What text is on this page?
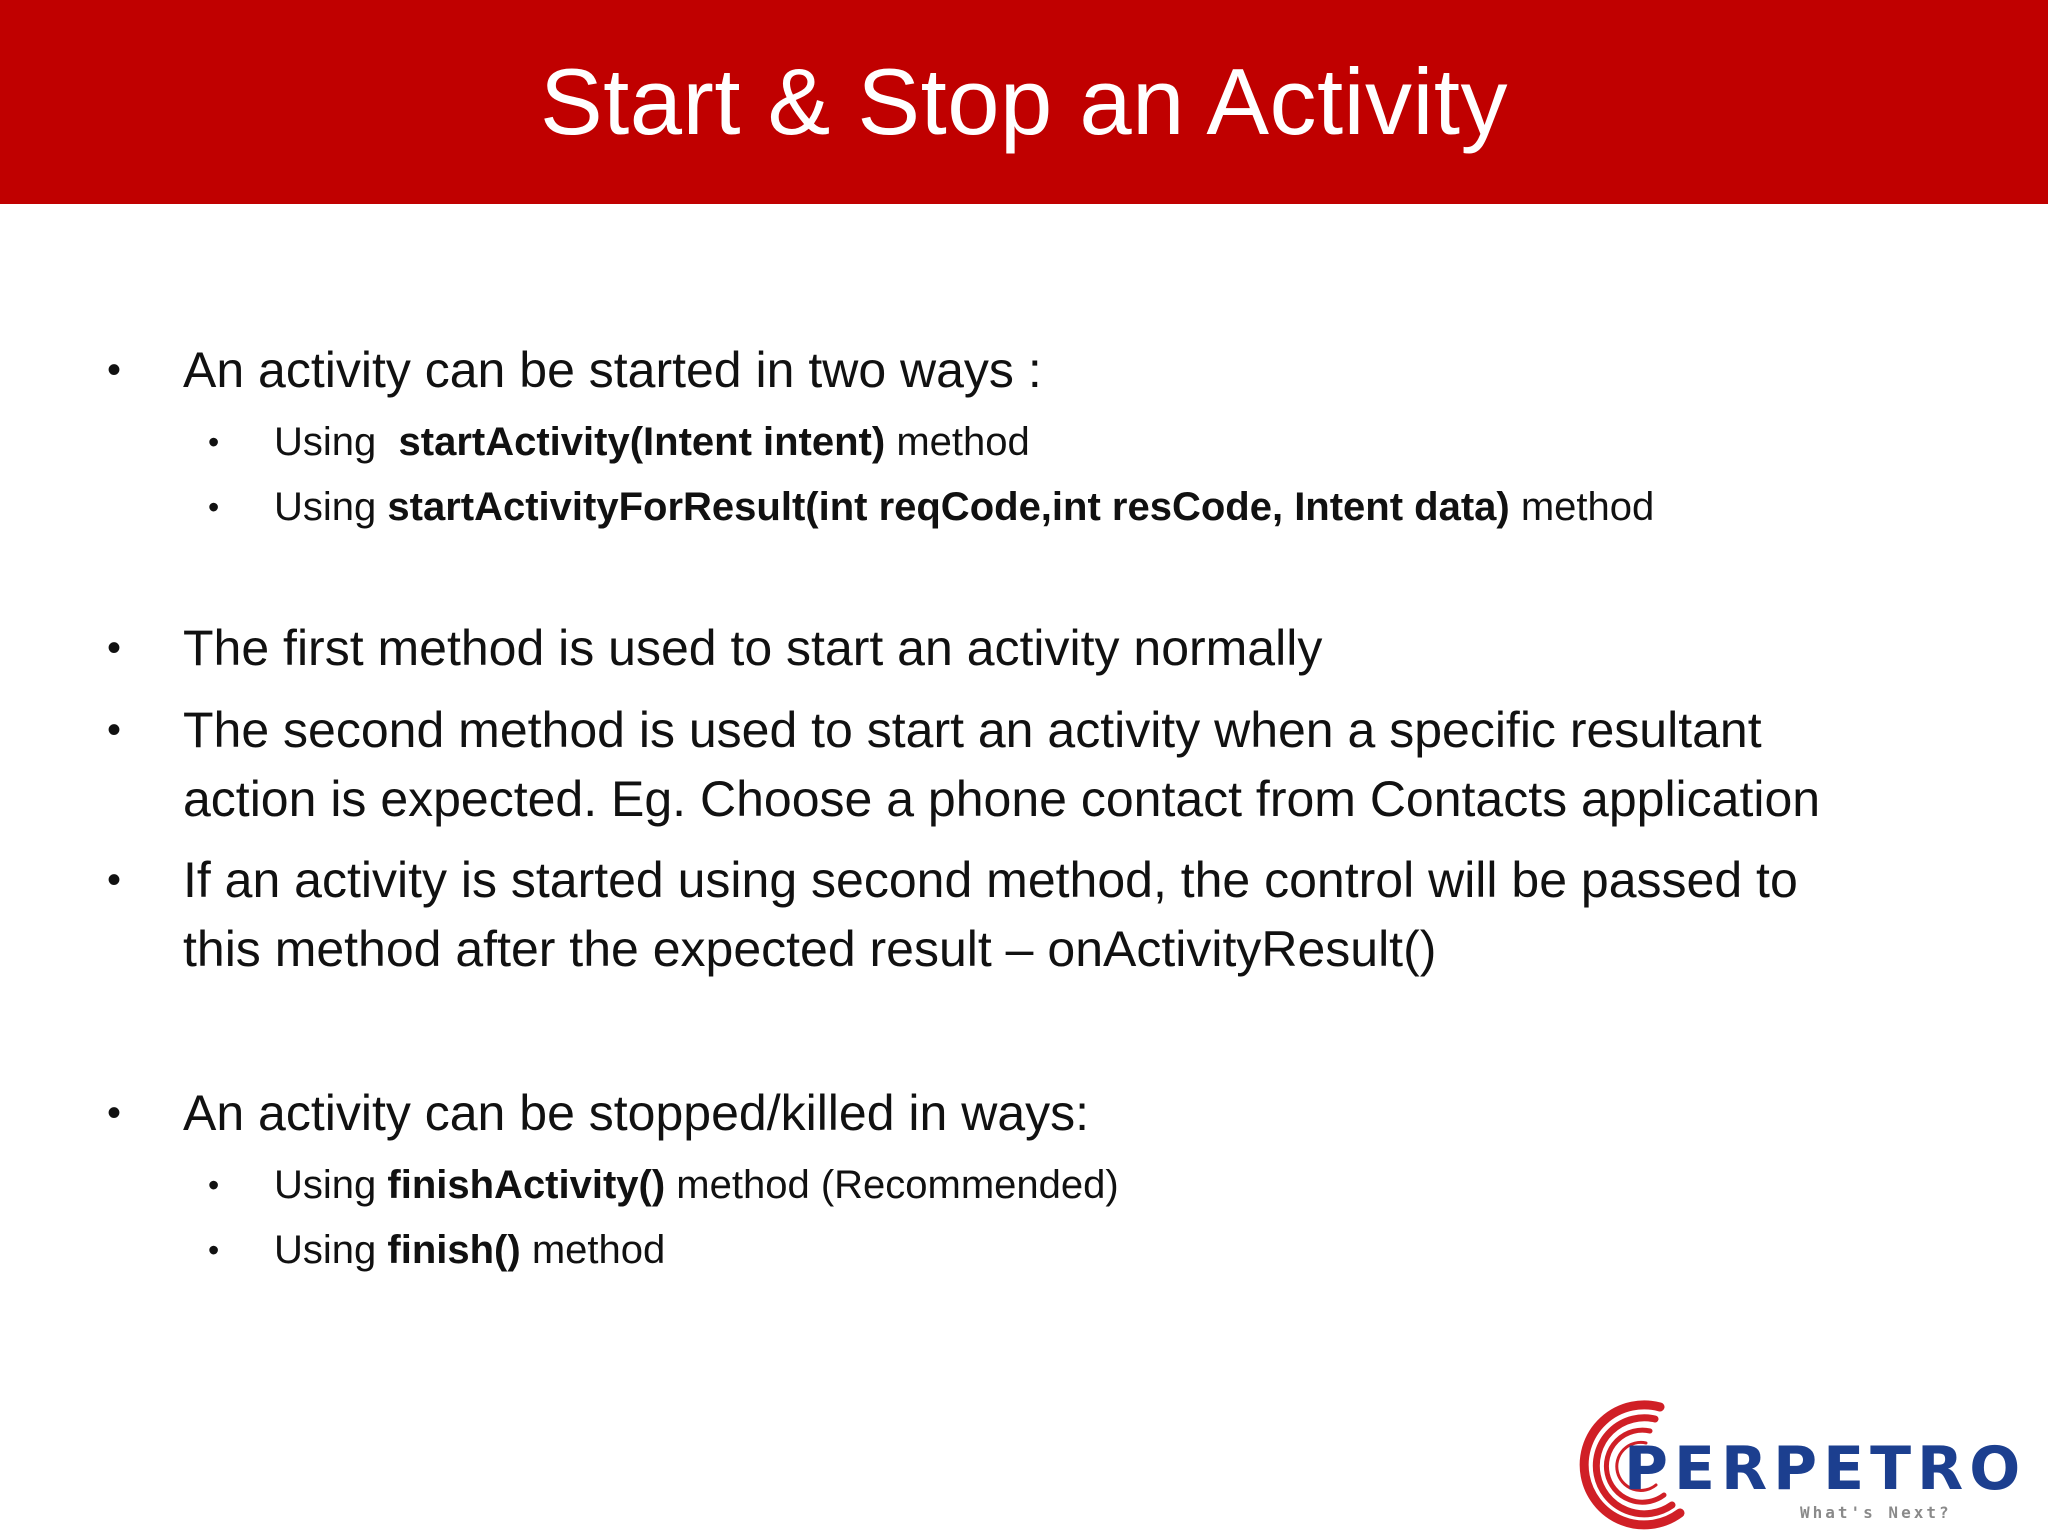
Start & Stop an Activity
• An activity can be started in two ways :
• Using  startActivity(Intent intent) method
• Using startActivityForResult(int reqCode,int resCode, Intent data) method
• The first method is used to start an activity normally
• The second method is used to start an activity when a specific resultant
action is expected. Eg. Choose a phone contact from Contacts application
• If an activity is started using second method, the control will be passed to
this method after the expected result – onActivityResult()
• An activity can be stopped/killed in ways:
• Using finishActivity() method (Recommended)
• Using finish() method
PERPETRO
What's Next?
